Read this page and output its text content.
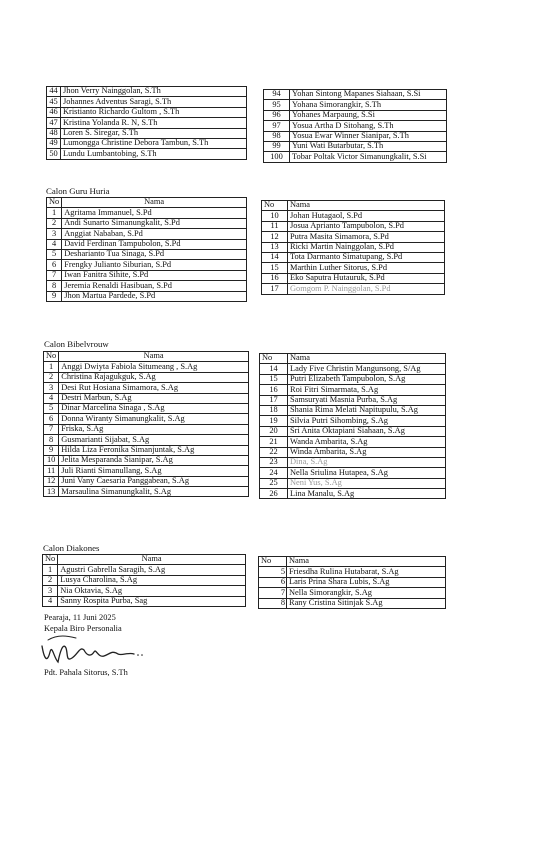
44	Jhon Verry Nainggolan, S.Th
45	Johannes Adventus Saragi, S.Th
46	Kristianto Richardo Gultom , S.Th
47	Kristina Yolanda R. N, S.Th
48	Loren S. Siregar, S.Th
49	Lumongga Christine Debora Tambun, S.Th
50	Lundu Lumbantobing, S.Th
94	Yohan Sintong Mapanes Siahaan, S.Si
95	Yohana Simorangkir, S.Th
96	Yohanes Marpaung, S.Si
97	Yosua Artha D Sitohang, S.Th
98	Yosua Ewar Winner Sianipar, S.Th
99	Yuni Wati Butarbutar, S.Th
100	Tobar Poltak Victor Simanungkalit, S.Si
Calon Guru Huria
No	Nama
1	Agritama Immanuel, S.Pd
2	Andi Sunarto Simanungkalit, S.Pd
3	Anggiat Nababan, S.Pd
4	David Ferdinan Tampubolon, S.Pd
5	Desharianto Tua Sinaga, S.Pd
6	Frengky Julianto Siburian, S.Pd
7	Iwan Fanitra Sihite, S.Pd
8	Jeremia Renaldi Hasibuan, S.Pd
9	Jhon Martua Pardede, S.Pd
No	Nama
10	Johan Hutagaol, S.Pd
11	Josua Aprianto Tampubolon, S.Pd
12	Putra Masita Simamora, S.Pd
13	Ricki Martin Nainggolan, S.Pd
14	Tota Darmanto Simatupang, S.Pd
15	Marthin Luther Sitorus, S.Pd
16	Eko Saputra Hutauruk, S.Pd
17	Gomgom P. Nainggolan, S.Pd
Calon Bibelvrouw
No	Nama
1	Anggi Dwiyta Fabiola Situmeang , S.Ag
2	Christina Rajagukguk, S.Ag
3	Desi Rut Hosiana Simamora, S.Ag
4	Destri Marbun, S.Ag
5	Dinar Marcelina Sinaga , S.Ag
6	Donna Wiranty Simanungkalit, S.Ag
7	Friska, S.Ag
8	Gusmarianti Sijabat, S.Ag
9	Hilda Liza Feronika Simanjuntak, S.Ag
10	Jelita Mesparanda Sianipar, S.Ag
11	Juli Rianti Simanullang, S.Ag
12	Juni Vany Caesaria Panggabean, S.Ag
13	Marsaulina Simanungkalit, S.Ag
No	Nama
14	Lady Five Christin Mangunsong, S/Ag
15	Putri Elizabeth Tampubolon, S.Ag
16	Roi Fitri Simarmata, S.Ag
17	Samsuryati Masnia Purba, S.Ag
18	Shania Rima Melati Napitupulu, S.Ag
19	Silvia Putri Sihombing, S.Ag
20	Sri Anita Oktapiani Siahaan, S.Ag
21	Wanda Ambarita, S.Ag
22	Winda Ambarita, S.Ag
23	Dina, S.Ag
24	Nella Sriulina Hutapea, S.Ag
25	Neni Yus, S.Ag
26	Lina Manalu, S.Ag
Calon Diakones
No	Nama
1	Agustri Gabrella Saragih, S.Ag
2	Lusya Charolina, S.Ag
3	Nia Oktavia, S.Ag
4	Sanny Rospita Purba, Sag
No	Nama
5	Friesdha Rulina Hutabarat, S.Ag
6	Laris Prina Shara Lubis, S.Ag
7	Nella Simorangkir, S.Ag
8	Rany Cristina Sitinjak S.Ag
Pearaja, 11 Juni 2025
Kepala Biro Personalia
Pdt. Pahala Sitorus, S.Th
